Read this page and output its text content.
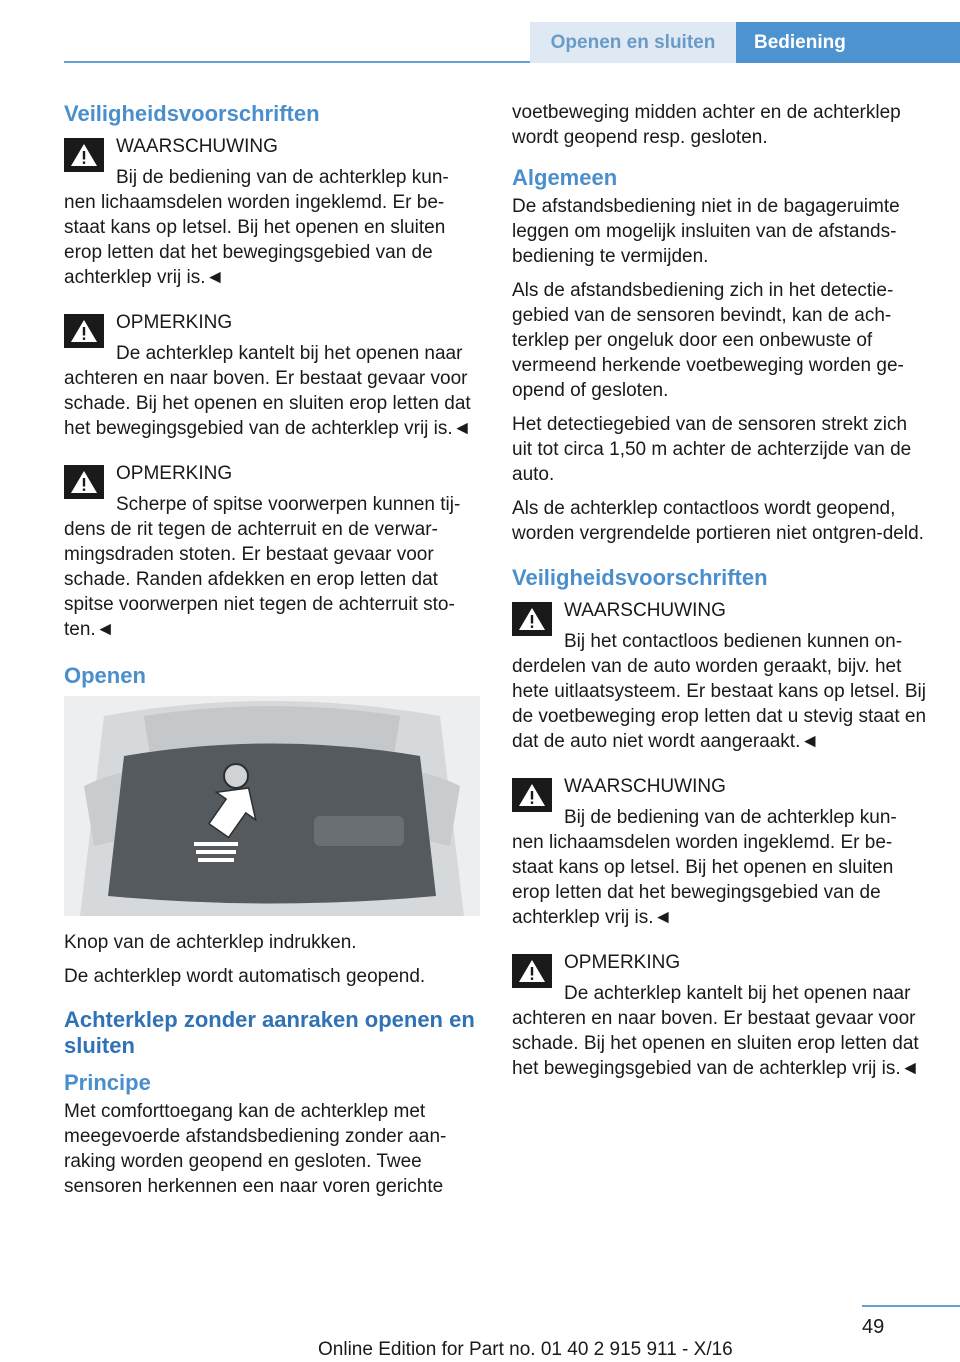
Openen en sluiten	Bediening
Veiligheidsvoorschriften
WAARSCHUWING
Bij de bediening van de achterklep kun-nen lichaamsdelen worden ingeklemd. Er be-staat kans op letsel. Bij het openen en sluiten erop letten dat het bewegingsgebied van de achterklep vrij is.◄
OPMERKING
De achterklep kantelt bij het openen naar achteren en naar boven. Er bestaat gevaar voor schade. Bij het openen en sluiten erop letten dat het bewegingsgebied van de achterklep vrij is.◄
OPMERKING
Scherpe of spitse voorwerpen kunnen tij-dens de rit tegen de achterruit en de verwar-mingsdraden stoten. Er bestaat gevaar voor schade. Randen afdekken en erop letten dat spitse voorwerpen niet tegen de achterruit sto-ten.◄
Openen

Knop van de achterklep indrukken.

De achterklep wordt automatisch geopend.

Achterklep zonder aanraken openen en sluiten
Principe

Met comforttoegang kan de achterklep met meegevoerde afstandsbediening zonder aan-raking worden geopend en gesloten. Twee sensoren herkennen een naar voren gerichte

voetbeweging midden achter en de achterklep wordt geopend resp. gesloten.

Algemeen

De afstandsbediening niet in de bagageruimte leggen om mogelijk insluiten van de afstands-bediening te vermijden.

Als de afstandsbediening zich in het detectie-gebied van de sensoren bevindt, kan de ach-terklep per ongeluk door een onbewuste of vermeend herkende voetbeweging worden ge-opend of gesloten.

Het detectiegebied van de sensoren strekt zich uit tot circa 1,50 m achter de achterzijde van de auto.

Als de achterklep contactloos wordt geopend, worden vergrendelde portieren niet ontgren-deld.

Veiligheidsvoorschriften
WAARSCHUWING
Bij het contactloos bedienen kunnen on-derdelen van de auto worden geraakt, bijv. het hete uitlaatsysteem. Er bestaat kans op letsel. Bij de voetbeweging erop letten dat u stevig staat en dat de auto niet wordt aangeraakt.◄
WAARSCHUWING
Bij de bediening van de achterklep kun-nen lichaamsdelen worden ingeklemd. Er be-staat kans op letsel. Bij het openen en sluiten erop letten dat het bewegingsgebied van de achterklep vrij is.◄
OPMERKING
De achterklep kantelt bij het openen naar achteren en naar boven. Er bestaat gevaar voor schade. Bij het openen en sluiten erop letten dat het bewegingsgebied van de achterklep vrij is.◄
49
Online Edition for Part no. 01 40 2 915 911 - X/16
